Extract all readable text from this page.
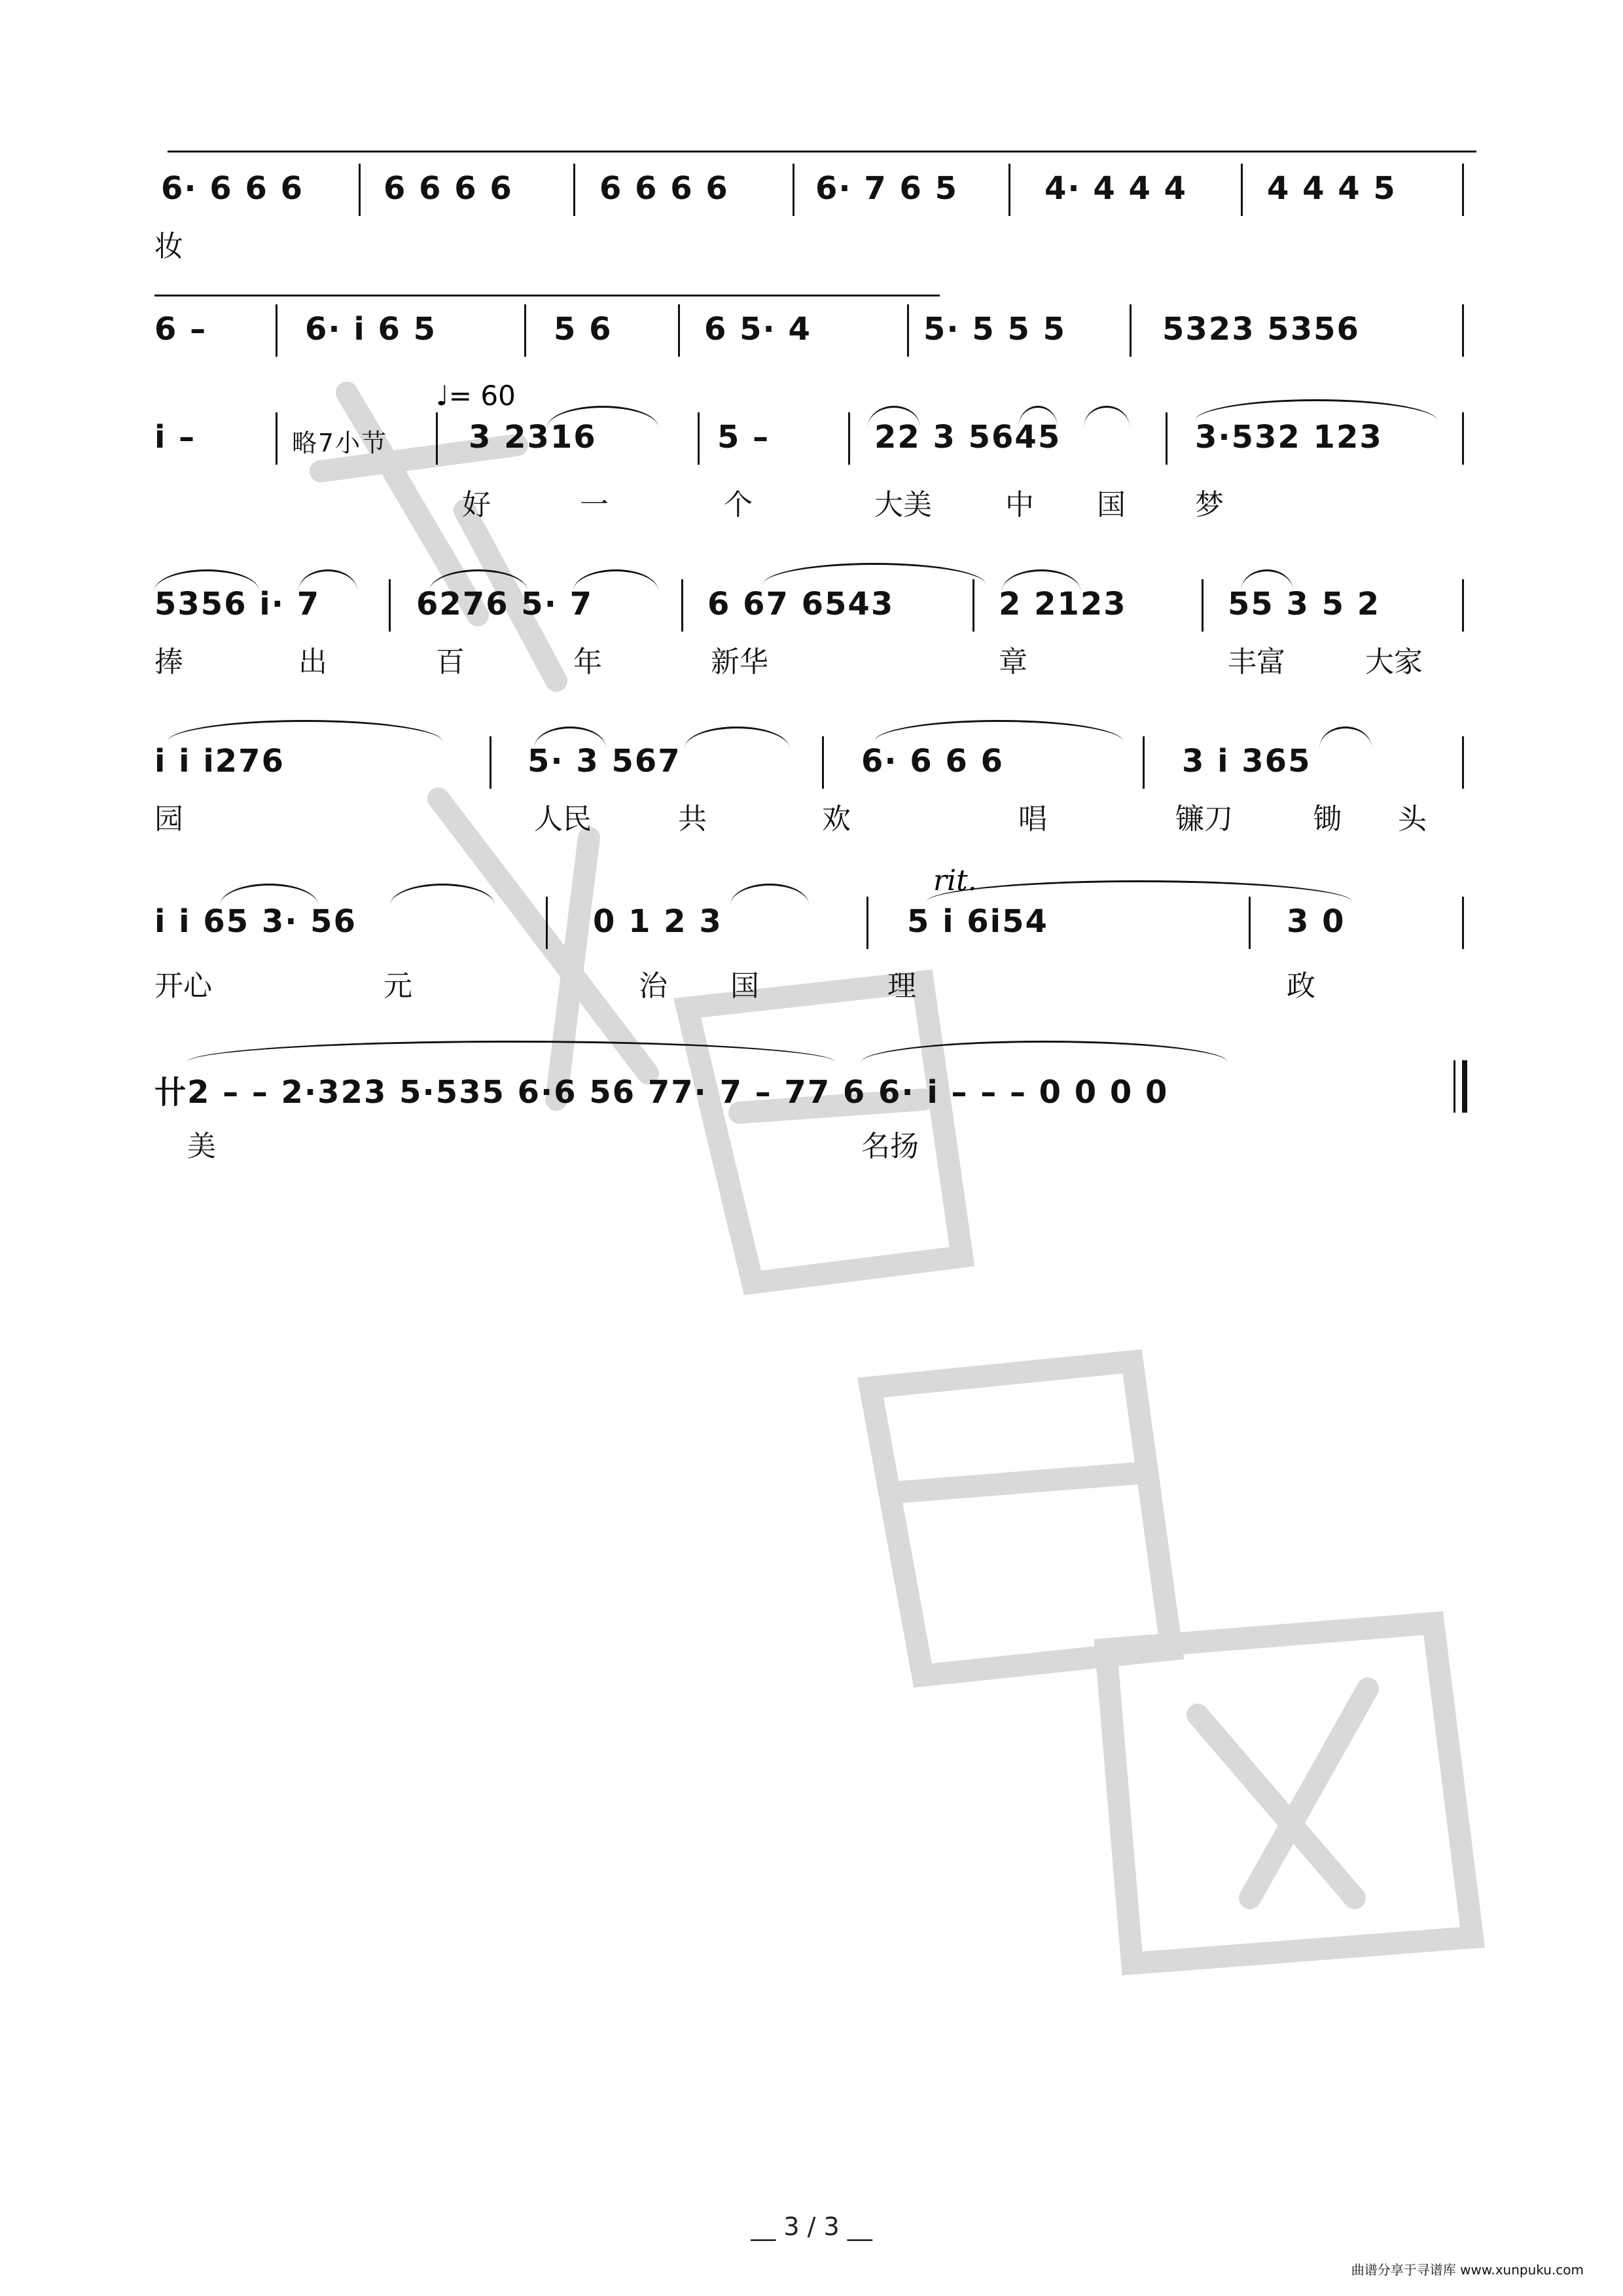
6· 6 6 6	6 6 6 6	6 6 6 6	6· 7 6 5	4· 4 4 4	4 4 4 5
妆
6 –	6· i 6 5	5 6	6 5· 4	5· 5 5 5	5323 5356
♩= 60
i –	略7小节	3 2316	5 –	22 3 5645	3·532 123
好	一	个	大美	中 国 梦
5356 i· 7	6276 5· 7	6 67 6543	2 2123	55 3 5 2
捧	出	百	年	新华	章	丰富	大家
i i i276	5· 3 567	6· 6 6 6	3 i 365
园	人民	共	欢	唱	镰刀	锄 头
rit.
i i 65 3· 56	0 1 2 3	5 i 6i54	3 0
开心	元	治 国	理	政
卄2 – – 2·323 5·535 6·6 56 77· 7 – 77 6 6· i – – – 0 0 0 0
美	名扬
__ 3 / 3 __
曲谱分享于寻谱库 www.xunpuku.com
